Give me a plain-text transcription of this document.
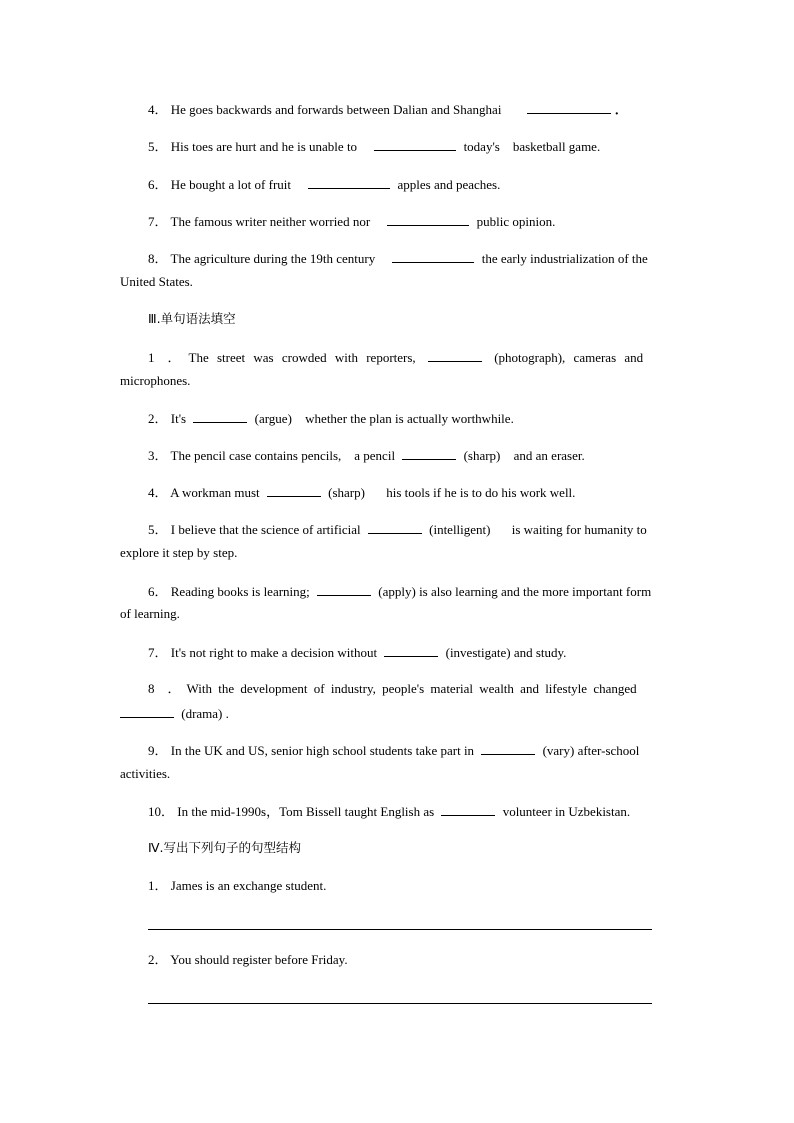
4． He goes backwards and forwards between Dalian and Shanghai	．
5． His toes are hurt and he is unable to	today's　basketball game.
6． He bought a lot of fruit	apples and peaches.
7． The famous writer neither worried nor	public opinion.
8． The agriculture during the 19th century	the early industrialization of the
United States.
Ⅲ.单句语法填空
1　． The street was crowded with reporters,	(photograph), cameras and
microphones.
2． It's	(argue) whether the plan is actually worthwhile.
3． The pencil case contains pencils,　a pencil	(sharp) and an eraser.
4． A workman must	(sharp) his tools if he is to do his work well.
5． I believe that the science of artificial	(intelligent) is waiting for humanity to
explore it step by step.
6． Reading books is learning;	(apply) is also learning and the more important form
of learning.
7． It's not right to make a decision without	(investigate) and study.
8　． With the development of industry, people's material wealth and lifestyle changed
(drama) .
9． In the UK and US, senior high school students take part in	(vary) after-school
activities.
10． In the mid-1990s，Tom Bissell taught English as	volunteer in Uzbekistan.
Ⅳ.写出下列句子的句型结构
1． James is an exchange student.
2． You should register before Friday.
